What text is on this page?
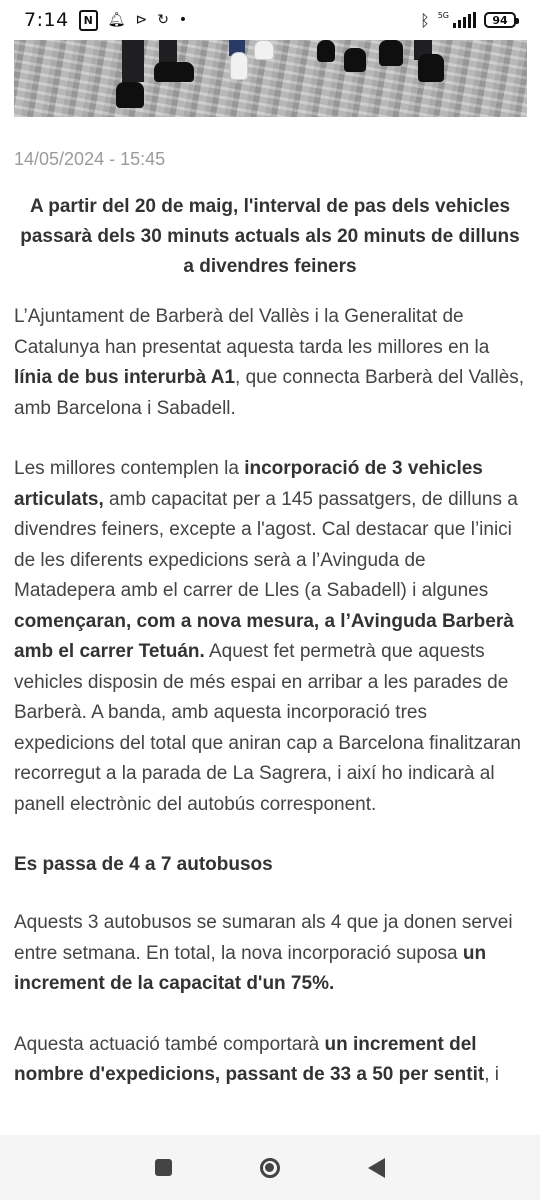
7:14	N	🔔︎ ⊳ ↻ •	ᛒ 5G	94

14/05/2024 - 15:45

A partir del 20 de maig, l'interval de pas dels vehicles passarà dels 30 minuts actuals als 20 minuts de dilluns a divendres feiners

L’Ajuntament de Barberà del Vallès i la Generalitat de Catalunya han presentat aquesta tarda les millores en la línia de bus interurbà A1, que connecta Barberà del Vallès, amb Barcelona i Sabadell.

Les millores contemplen la incorporació de 3 vehicles articulats, amb capacitat per a 145 passatgers, de dilluns a divendres feiners, excepte a l'agost. Cal destacar que l’inici de les diferents expedicions serà a l’Avinguda de Matadepera amb el carrer de Lles (a Sabadell) i algunes començaran, com a nova mesura, a l’Avinguda Barberà amb el carrer Tetuán. Aquest fet permetrà que aquests vehicles disposin de més espai en arribar a les parades de Barberà. A banda, amb aquesta incorporació tres expedicions del total que aniran cap a Barcelona finalitzaran recorregut a la parada de La Sagrera, i així ho indicarà al panell electrònic del autobús corresponent.

Es passa de 4 a 7 autobusos

Aquests 3 autobusos se sumaran als 4 que ja donen servei entre setmana. En total, la nova incorporació suposa un increment de la capacitat d'un 75%.

Aquesta actuació també comportarà un increment del nombre d'expedicions, passant de 33 a 50 per sentit, i
